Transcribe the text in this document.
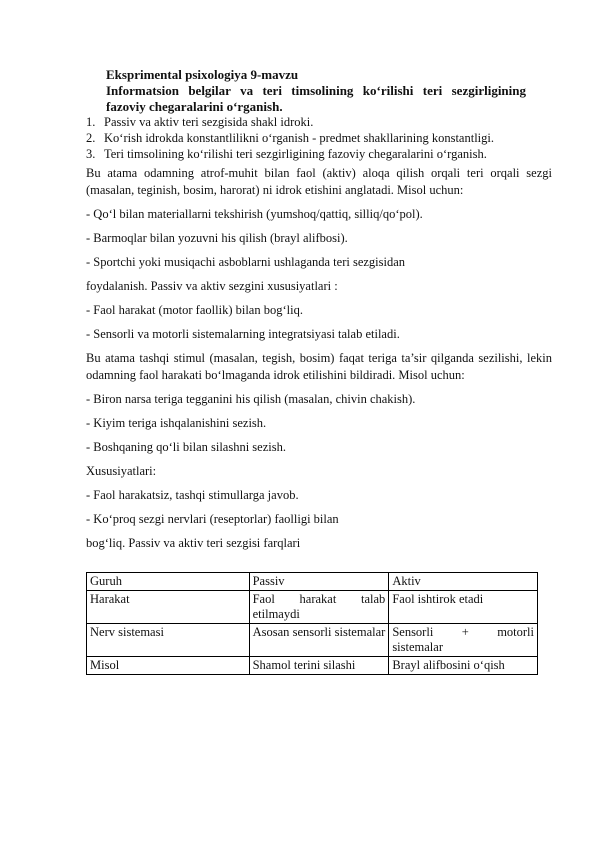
Eksprimental psixologiya 9-mavzu
Informatsion belgilar va teri timsolining ko‘rilishi teri sezgirligining
fazoviy chegaralarini o‘rganish.
1. Passiv va aktiv teri sezgisida shakl idroki.
2. Ko‘rish idrokda konstantlilikni o‘rganish - predmet shakllarining konstantligi.
3. Teri timsolining ko‘rilishi teri sezgirligining fazoviy chegaralarini o‘rganish.

Bu atama odamning atrof-muhit bilan faol (aktiv) aloqa qilish orqali teri orqali sezgi (masalan, teginish, bosim, harorat) ni idrok etishini anglatadi. Misol uchun:

- Qo‘l bilan materiallarni tekshirish (yumshoq/qattiq, silliq/qo‘pol).

- Barmoqlar bilan yozuvni his qilish (brayl alifbosi).

- Sportchi yoki musiqachi asboblarni ushlaganda teri sezgisidan

foydalanish. Passiv va aktiv sezgini xususiyatlari :

- Faol harakat (motor faollik) bilan bog‘liq.

- Sensorli va motorli sistemalarning integratsiyasi talab etiladi.

Bu atama tashqi stimul (masalan, tegish, bosim) faqat teriga ta’sir qilganda sezilishi, lekin odamning faol harakati bo‘lmaganda idrok etilishini bildiradi. Misol uchun:

- Biron narsa teriga tegganini his qilish (masalan, chivin chakish).

- Kiyim teriga ishqalanishini sezish.

- Boshqaning qo‘li bilan silashni sezish.

Xususiyatlari:

- Faol harakatsiz, tashqi stimullarga javob.

- Ko‘proq sezgi nervlari (reseptorlar) faolligi bilan

bog‘liq. Passiv va aktiv teri sezgisi farqlari

Guruh	Passiv	Aktiv
Harakat	Faol harakat talab etilmaydi	Faol ishtirok etadi
Nerv sistemasi	Asosan sensorli sistemalar	Sensorli + motorli sistemalar
Misol	Shamol terini silashi	Brayl alifbosini o‘qish
